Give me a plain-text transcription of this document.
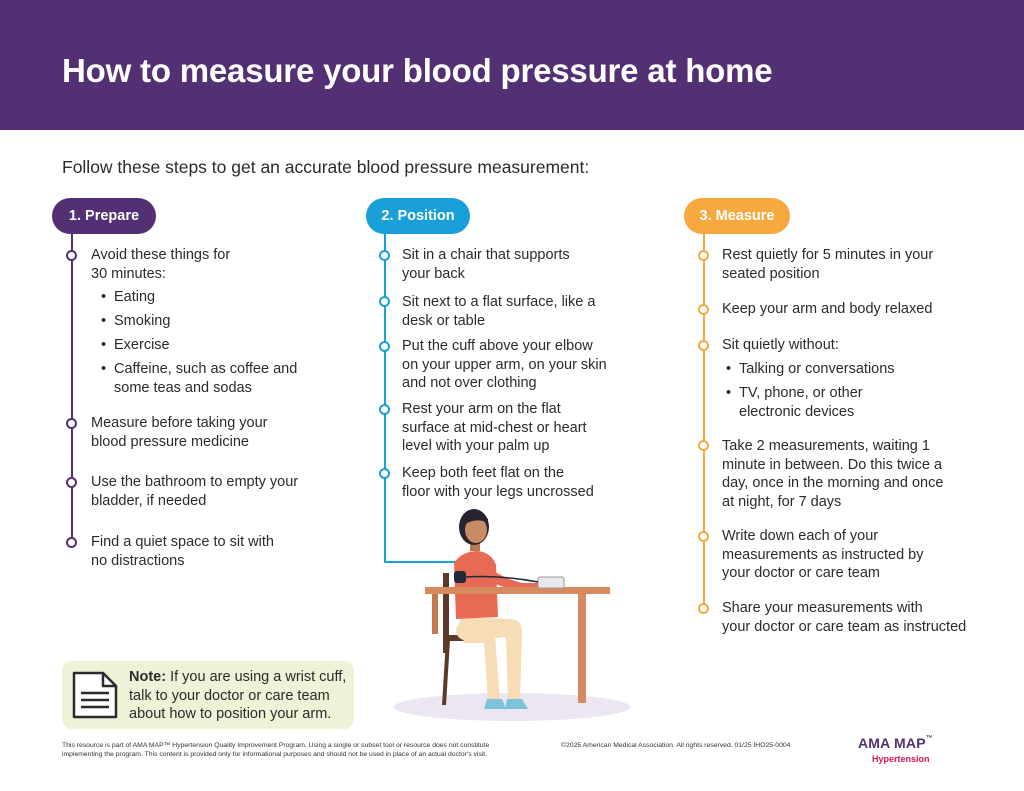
How to measure your blood pressure at home

Follow these steps to get an accurate blood pressure measurement:

1. Prepare
Avoid these things for
30 minutes:
• Eating
• Smoking
• Exercise
• Caffeine, such as coffee and
some teas and sodas
Measure before taking your
blood pressure medicine
Use the bathroom to empty your
bladder, if needed
Find a quiet space to sit with
no distractions
2. Position
Sit in a chair that supports
your back
Sit next to a flat surface, like a
desk or table
Put the cuff above your elbow
on your upper arm, on your skin
and not over clothing
Rest your arm on the flat
surface at mid-chest or heart
level with your palm up
Keep both feet flat on the
floor with your legs uncrossed
3. Measure
Rest quietly for 5 minutes in your
seated position
Keep your arm and body relaxed
Sit quietly without:
• Talking or conversations
• TV, phone, or other
electronic devices
Take 2 measurements, waiting 1
minute in between. Do this twice a
day, once in the morning and once
at night, for 7 days
Write down each of your
measurements as instructed by
your doctor or care team
Share your measurements with
your doctor or care team as instructed
Note: If you are using a wrist cuff,
talk to your doctor or care team
about how to position your arm.
This resource is part of AMA MAP™ Hypertension Quality Improvement Program. Using a single or subset tool or resource does not constitute
implementing the program. This content is provided only for informational purposes and should not be used in place of an actual doctor's visit.
©2025 American Medical Association. All rights reserved. 01/25 IHO25-0004	AMA MAP™
Hypertension
